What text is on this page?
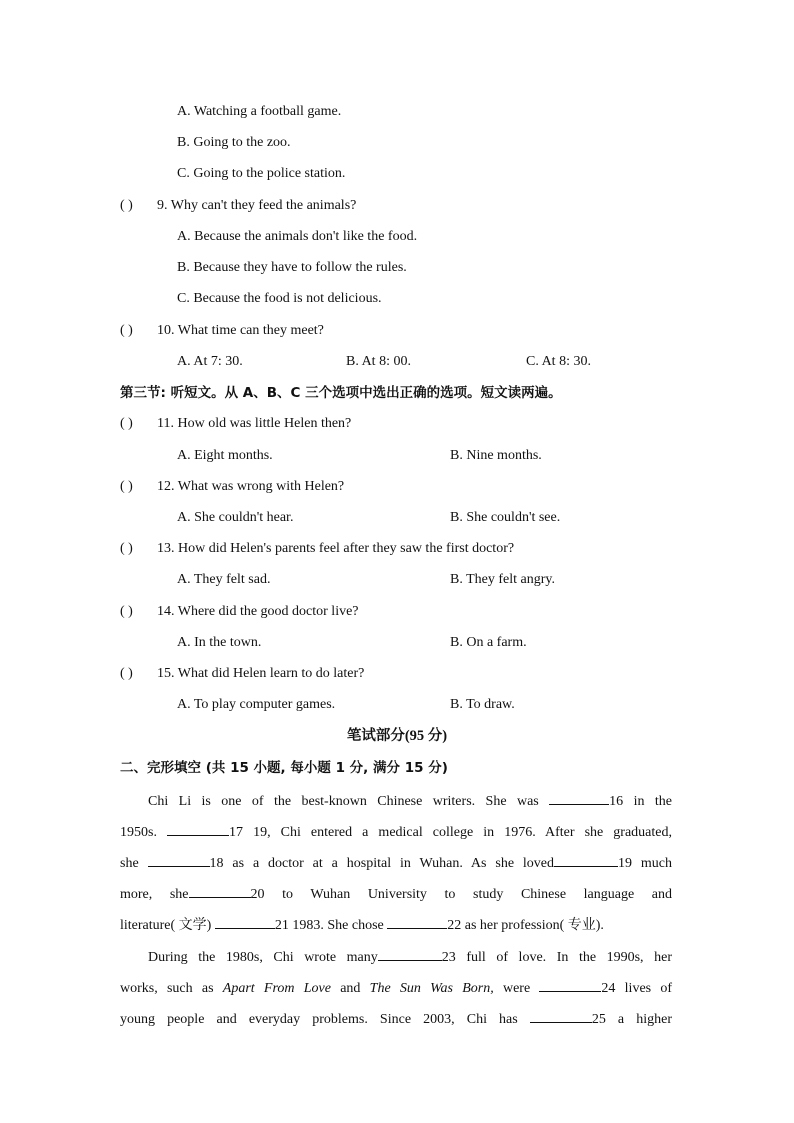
A. Watching a football game.
B. Going to the zoo.
C. Going to the police station.
( ) 9. Why can't they feed the animals?
A. Because the animals don't like the food.
B. Because they have to follow the rules.
C. Because the food is not delicious.
( ) 10. What time can they meet?
A. At 7: 30.	B. At 8: 00.	C. At 8: 30.
第三节: 听短文。从 A、B、C 三个选项中选出正确的选项。短文读两遍。
( ) 11. How old was little Helen then?
A. Eight months.	B. Nine months.
( ) 12. What was wrong with Helen?
A. She couldn't hear.	B. She couldn't see.
( ) 13. How did Helen's parents feel after they saw the first doctor?
A. They felt sad.	B. They felt angry.
( ) 14. Where did the good doctor live?
A. In the town.	B. On a farm.
( ) 15. What did Helen learn to do later?
A. To play computer games.	B. To draw.
笔试部分(95 分)
二、完形填空 (共 15 小题, 每小题 1 分, 满分 15 分)
Chi Li is one of the best-known Chinese writers. She was	16 in the
1950s.	17 19, Chi entered a medical college in 1976. After she graduated,
she	18 as a doctor at a hospital in Wuhan. As she loved	19 much
more, she	20 to Wuhan University to study Chinese language and
literature( 文学)	21 1983. She chose	22 as her profession( 专业).
During the 1980s, Chi wrote many	23 full of love. In the 1990s, her
works, such as Apart From Love and The Sun Was Born, were	24 lives of
young people and everyday problems. Since 2003, Chi has	25 a higher
